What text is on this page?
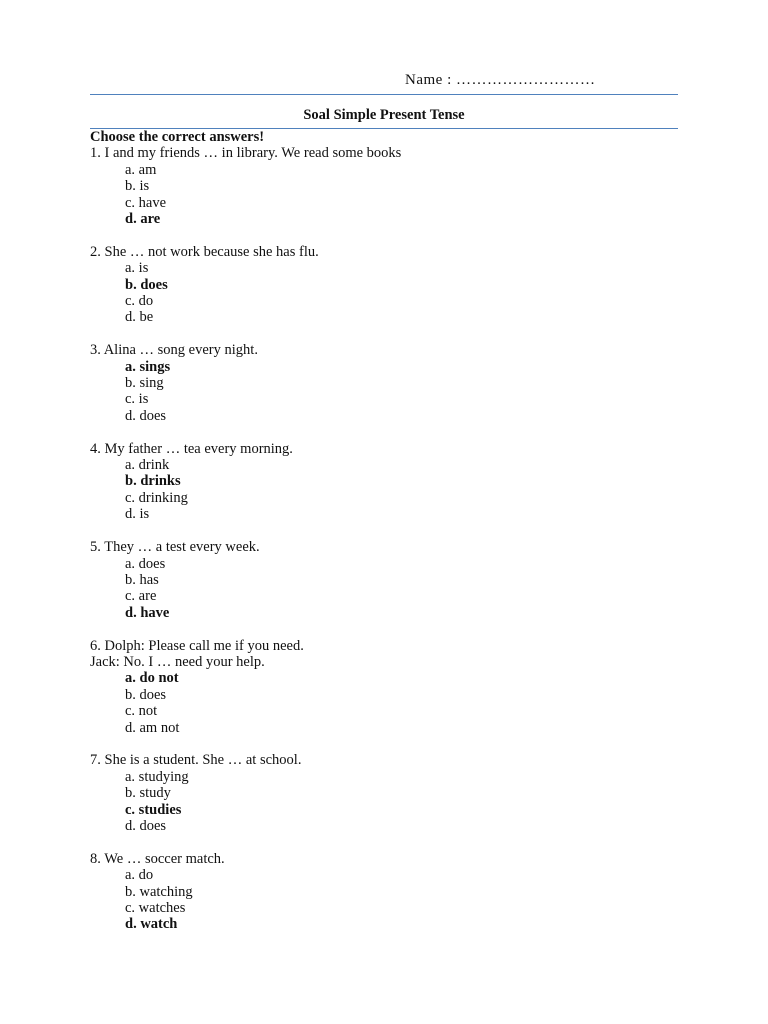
Name : ………………………
Soal Simple Present Tense

Choose the correct answers!

1. I and my friends … in library. We read some books

a. am
b. is
c. have
d. are

2. She … not work because she has flu.

a. is
b. does
c. do
d. be

3. Alina … song every night.

a. sings
b. sing
c. is
d. does

4. My father … tea every morning.

a. drink
b. drinks
c. drinking
d. is

5. They … a test every week.

a. does
b. has
c. are
d. have

6. Dolph: Please call me if you need.

Jack: No. I … need your help.

a. do not
b. does
c. not
d. am not

7. She is a student. She … at school.

a. studying
b. study
c. studies
d. does

8. We … soccer match.

a. do
b. watching
c. watches
d. watch
